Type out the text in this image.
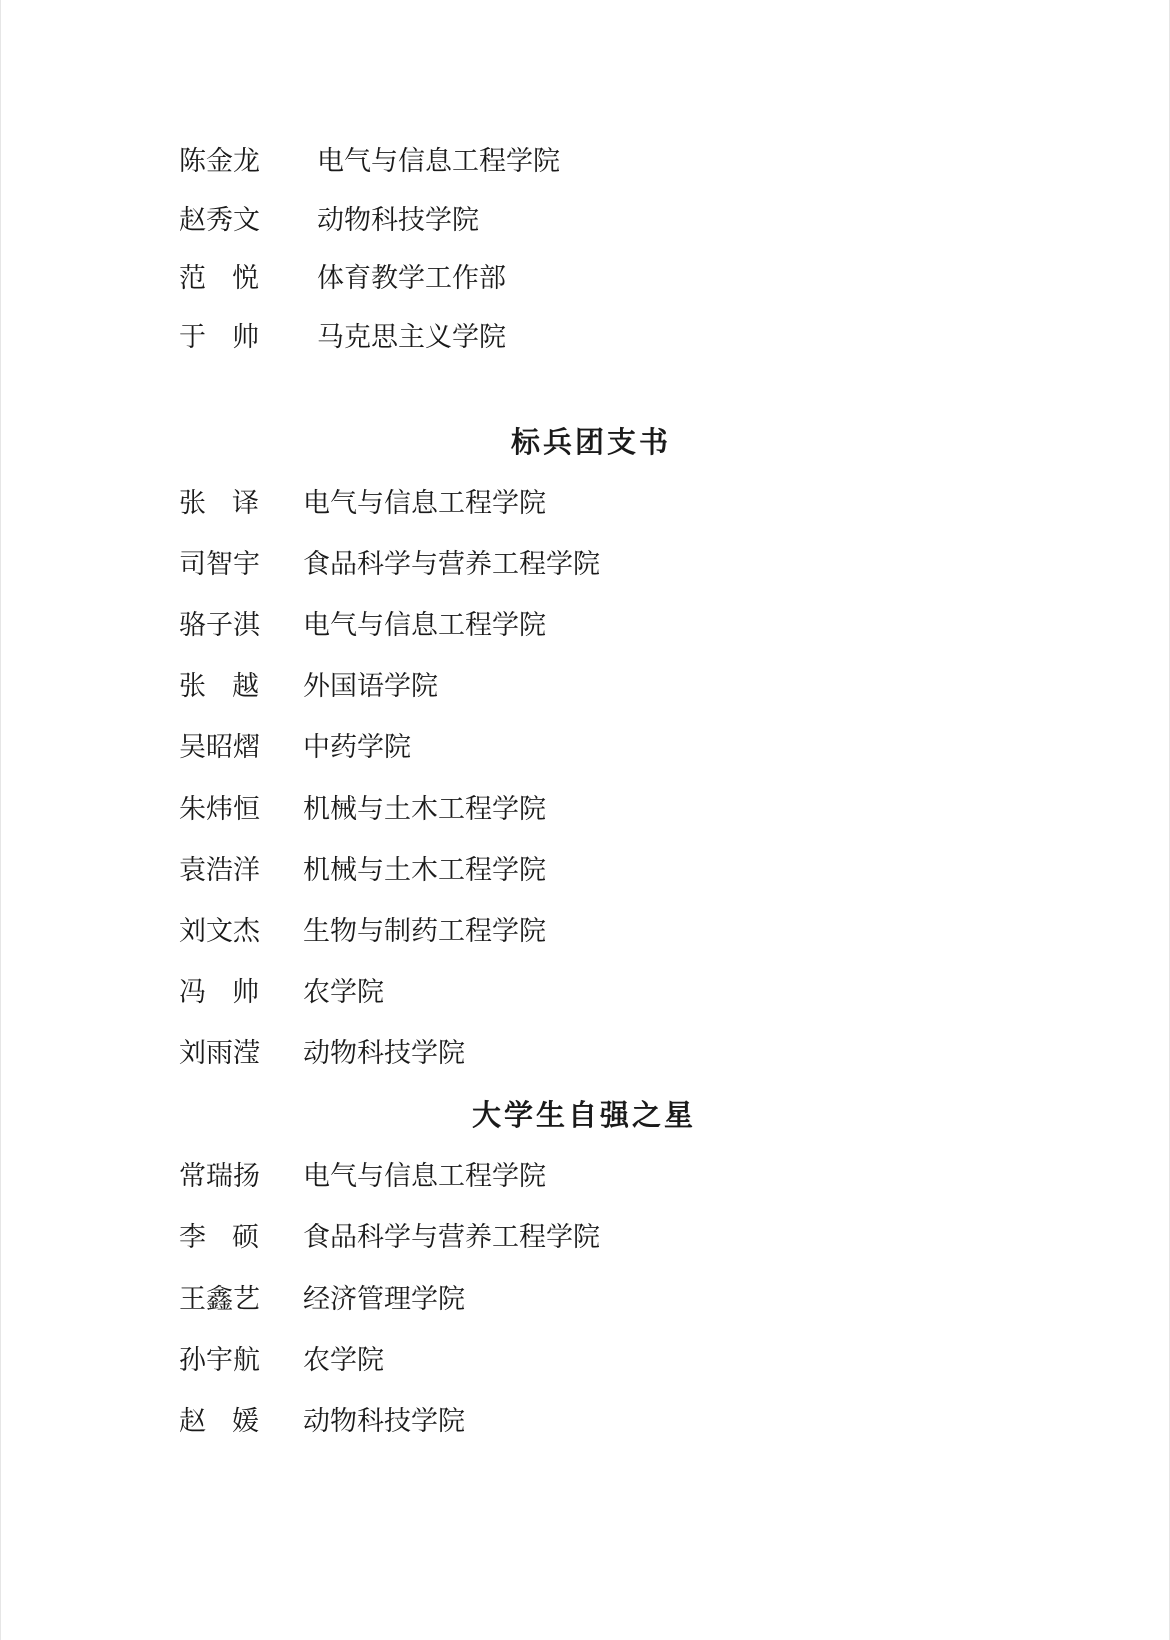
陈金龙 电气与信息工程学院
赵秀文 动物科技学院
范悦 体育教学工作部
于帅 马克思主义学院
标兵团支书
张译 电气与信息工程学院
司智宇 食品科学与营养工程学院
骆子淇 电气与信息工程学院
张越 外国语学院
吴昭熠 中药学院
朱炜恒 机械与土木工程学院
袁浩洋 机械与土木工程学院
刘文杰 生物与制药工程学院
冯帅 农学院
刘雨滢 动物科技学院
大学生自强之星
常瑞扬 电气与信息工程学院
李硕 食品科学与营养工程学院
王鑫艺 经济管理学院
孙宇航 农学院
赵媛 动物科技学院
